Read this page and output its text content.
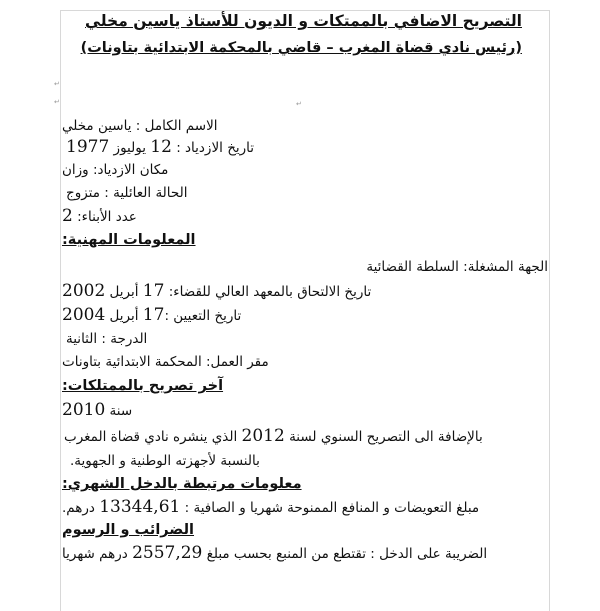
التصريح الاضافي بالممتكات و الديون للأستاذ ياسين مخلي
(رئيس نادي قضاة المغرب – قاضي بالمحكمة الابتدائية بتاونات)
الاسم الكامل : ياسين مخلي
تاريخ الازدياد : 12 يوليوز 1977
مكان الازدياد: وزان
الحالة العائلية : متزوج
عدد الأبناء: 2
المعلومات المهنية:
الجهة المشغلة: السلطة القضائية
تاريخ الالتحاق بالمعهد العالي للقضاء: 17 أبريل 2002
تاريخ التعيين :17 أبريل 2004
الدرجة : الثانية
مقر العمل: المحكمة الابتدائية بتاونات
آخر تصريح بالممتلكات:
سنة 2010
بالإضافة الى التصريح السنوي لسنة 2012 الذي ينشره نادي قضاة المغرب
بالنسبة لأجهزته الوطنية و الجهوية.
معلومات مرتبطة بالدخل الشهري:
مبلغ التعويضات و المنافع الممنوحة شهريا و الصافية : 13344,61 درهم.
الضرائب و الرسوم
الضريبة على الدخل : تقتطع من المنبع بحسب مبلغ 2557,29 درهم شهريا
↵
↵	↵
